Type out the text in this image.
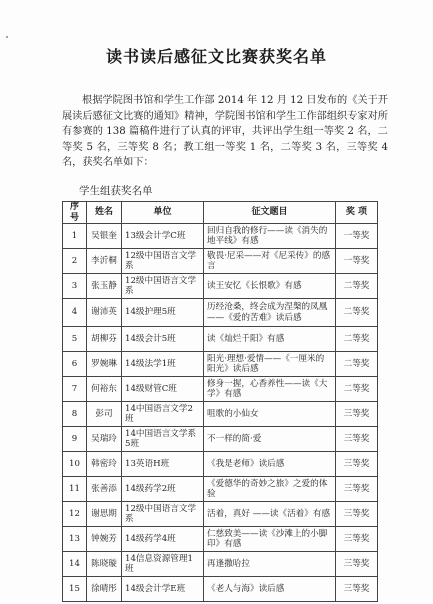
读书读后感征文比赛获奖名单
根据学院图书馆和学生工作部 2014 年 12 月 12 日发布的《关于开展读后感征文比赛的通知》精神，学院图书馆和学生工作部组织专家对所有参赛的 138 篇稿件进行了认真的评审，共评出学生组一等奖 2 名，二等奖 5 名，三等奖 8 名；教工组一等奖 1 名，二等奖 3 名，三等奖 4 名，获奖名单如下：
学生组获奖名单
序号	姓名	单位	征文题目	奖 项
1	吴银奎	13级会计学C班	回归自我的修行——读《消失的地平线》有感	一等奖
2	李沂桐	12级中国语言文学系	敬畏·尼采——对《尼采传》的感言	一等奖
3	张玉静	12级中国语言文学系	读王安忆《长恨歌》有感	二等奖
4	谢沛英	14级护理5班	历经沧桑，终会成为涅槃的凤凰——《爱的苦难》读后感	二等奖
5	胡柳芬	14级会计5班	读《灿烂千阳》有感	二等奖
6	罗婉琳	14级法学1班	阳光·理想·爱情——《一厘米的阳光》读后感	二等奖
7	何裕东	14级财管C班	修身一握，心香养性——读《大学》有感	二等奖
8	彭司	14中国语言文学2班	咀歌的小仙女	三等奖
9	吴瑞玲	14中国语言文学系5班	不一样的简·爱	三等奖
10	韩密玲	13英语H班	《我是老师》读后感	三等奖
11	张善添	14级药学2班	《爱德华的奇妙之旅》之爱的体验	三等奖
12	谢思期	12级中国语言文学系	活着，真好 ——读《活着》有感	三等奖
13	钟婉芳	14级药学4班	仁慈致美——读《沙滩上的小脚印》有感	三等奖
14	陈晓璇	14信息资源管理1班	再逢撒哈拉	三等奖
15	徐晴彤	14级会计学E班	《老人与海》读后感	三等奖
